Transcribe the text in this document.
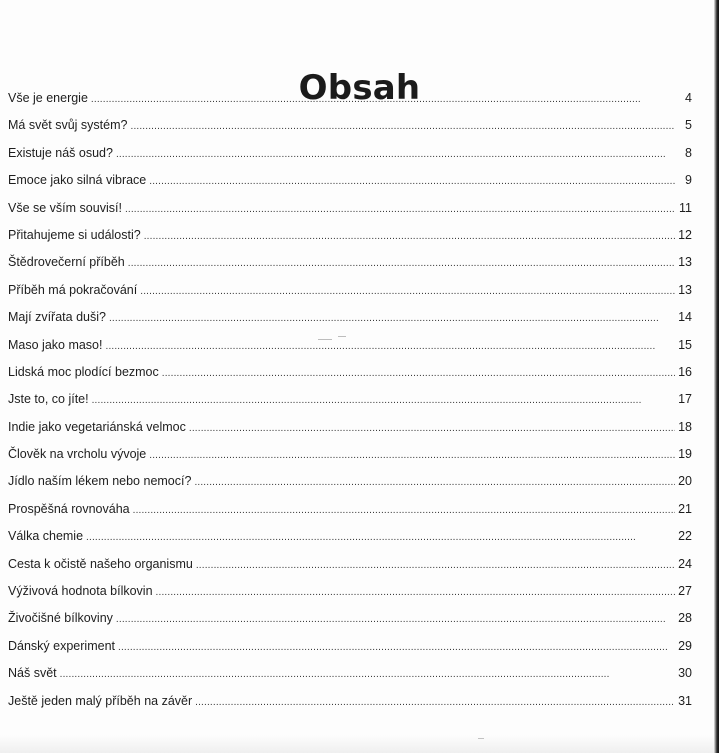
Obsah
Vše je energie . . .	4
Má svět svůj systém? . . .	5
Existuje náš osud? . . .	8
Emoce jako silná vibrace . . .	9
Vše se vším souvisí! . . .	11
Přitahujeme si události? . . .	12
Štědrovečerní příběh . . .	13
Příběh má pokračování . . .	13
Mají zvířata duši? . . .	14
Maso jako maso! . . .	15
Lidská moc plodící bezmoc . . .	16
Jste to, co jíte! . . .	17
Indie jako vegetariánská velmoc . . .	18
Člověk na vrcholu vývoje . . .	19
Jídlo naším lékem nebo nemocí? . . .	20
Prospěšná rovnováha . . .	21
Válka chemie . . .	22
Cesta k očistě našeho organismu . . .	24
Výživová hodnota bílkovin . . .	27
Živočišné bílkoviny . . .	28
Dánský experiment . . .	29
Náš svět . . .	30
Ještě jeden malý příběh na závěr . . .	31
